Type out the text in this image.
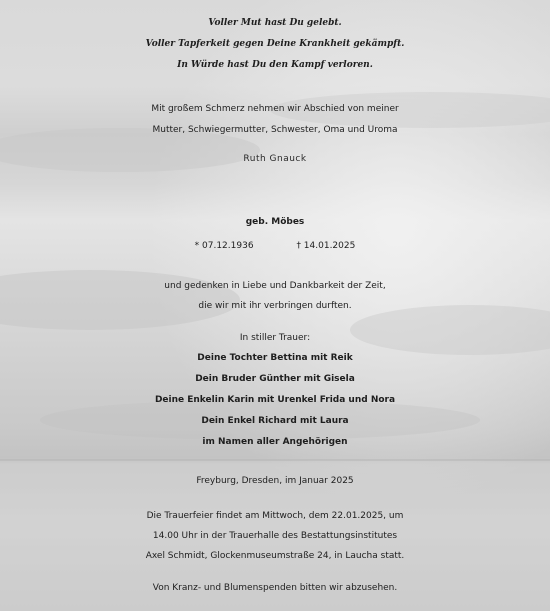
Voller Mut hast Du gelebt.
Voller Tapferkeit gegen Deine Krankheit gekämpft.
In Würde hast Du den Kampf verloren.
Mit großem Schmerz nehmen wir Abschied von meiner
Mutter, Schwiegermutter, Schwester, Oma und Uroma
Ruth Gnauck
geb. Möbes
* 07.12.1936	† 14.01.2025
und gedenken in Liebe und Dankbarkeit der Zeit,
die wir mit ihr verbringen durften.
In stiller Trauer:
Deine Tochter Bettina mit Reik
Dein Bruder Günther mit Gisela
Deine Enkelin Karin mit Urenkel Frida und Nora
Dein Enkel Richard mit Laura
im Namen aller Angehörigen
Freyburg, Dresden, im Januar 2025
Die Trauerfeier findet am Mittwoch, dem 22.01.2025, um
14.00 Uhr in der Trauerhalle des Bestattungsinstitutes
Axel Schmidt, Glockenmuseumstraße 24, in Laucha statt.
Von Kranz- und Blumenspenden bitten wir abzusehen.
